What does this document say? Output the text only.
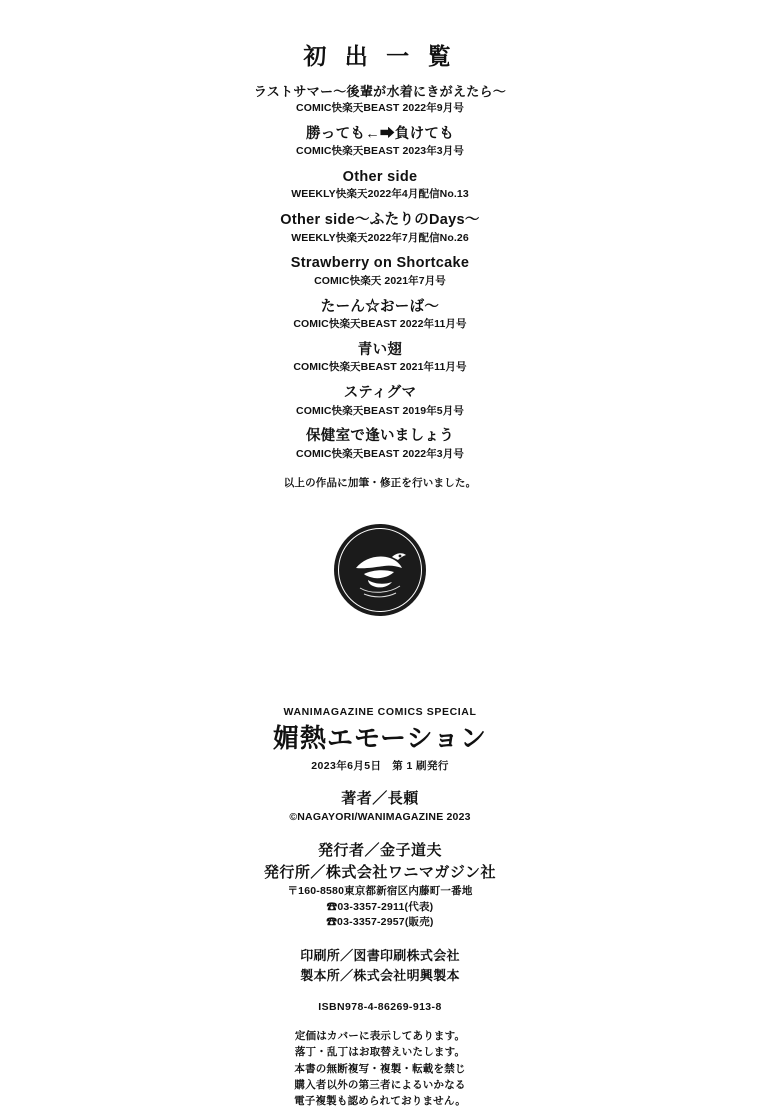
初 出 一 覧
ラストサマー～後輩が水着にきがえたら～
COMIC快楽天BEAST 2022年9月号
勝っても←➡負けても
COMIC快楽天BEAST 2023年3月号
Other side
WEEKLY快楽天2022年4月配信No.13
Other side～ふたりのDays～
WEEKLY快楽天2022年7月配信No.26
Strawberry on Shortcake
COMIC快楽天 2021年7月号
たーん☆おーば～
COMIC快楽天BEAST 2022年11月号
青い翅
COMIC快楽天BEAST 2021年11月号
スティグマ
COMIC快楽天BEAST 2019年5月号
保健室で逢いましょう
COMIC快楽天BEAST 2022年3月号
以上の作品に加筆・修正を行いました。
WANIMAGAZINE COMICS SPECIAL
媚熱エモーション
2023年6月5日　第 1 刷発行
著者／長頼
©NAGAYORI/WANIMAGAZINE 2023
発行者／金子道夫
発行所／株式会社ワニマガジン社
〒160-8580東京都新宿区内藤町一番地
☎03-3357-2911(代表)
☎03-3357-2957(販売)
印刷所／図書印刷株式会社
製本所／株式会社明興製本
ISBN978-4-86269-913-8
定価はカバーに表示してあります。
落丁・乱丁はお取替えいたします。
本書の無断複写・複製・転載を禁じ
購入者以外の第三者によるいかなる
電子複製も認められておりません。
